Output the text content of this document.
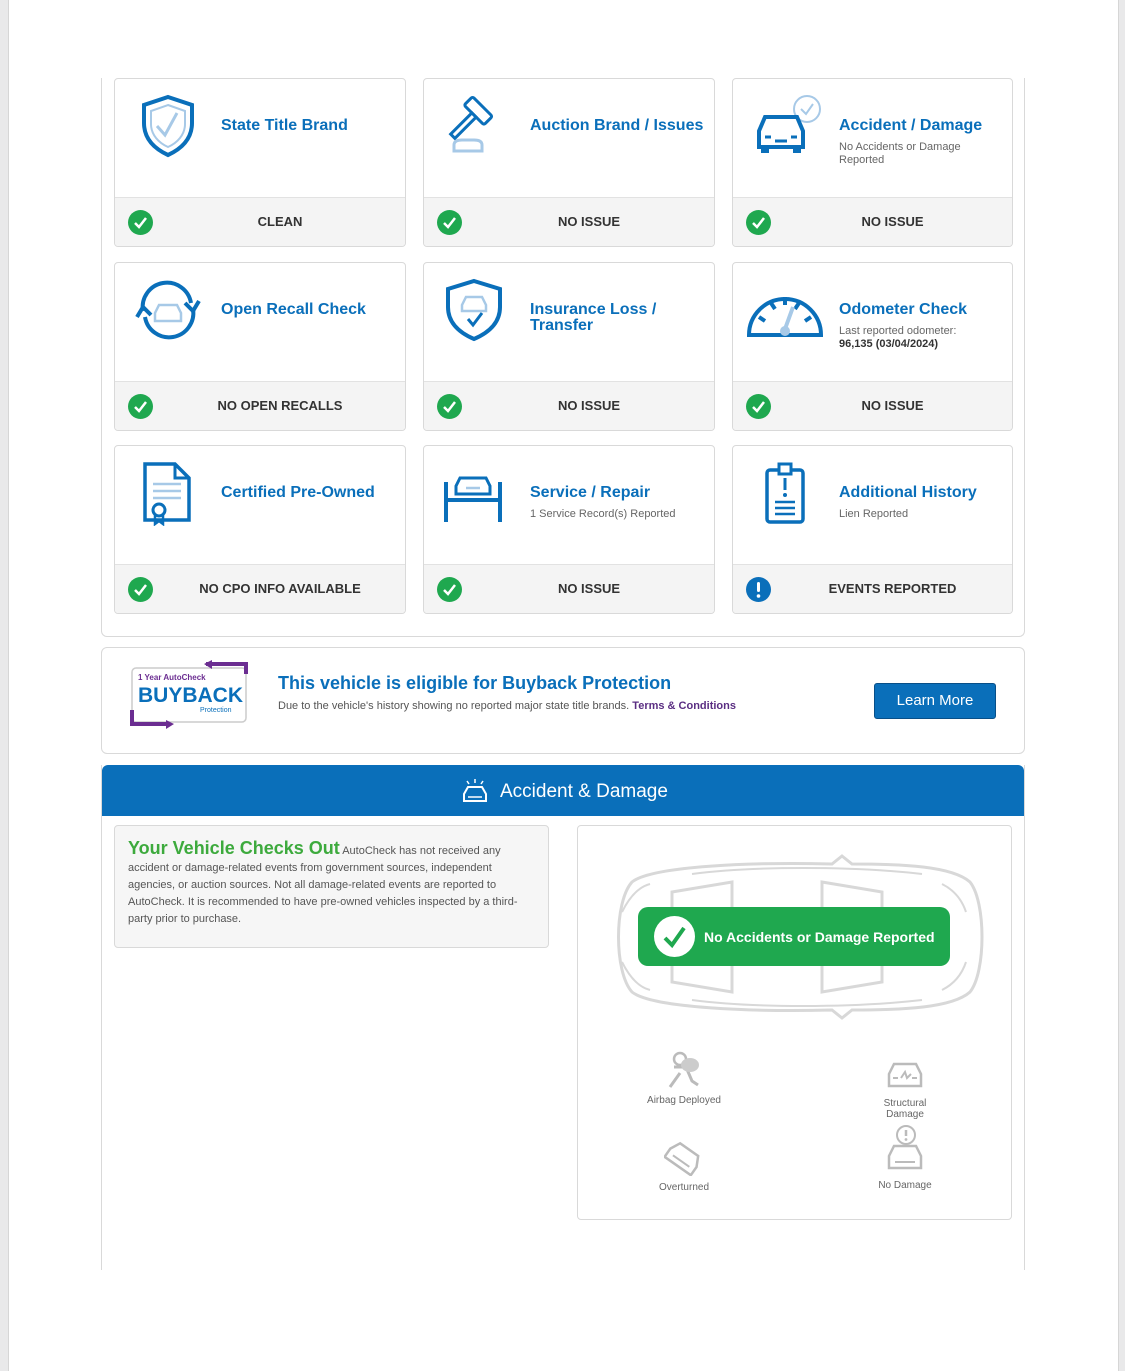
State Title Brand
CLEAN
Auction Brand / Issues
NO ISSUE
Accident / Damage
No Accidents or Damage Reported
NO ISSUE
Open Recall Check
NO OPEN RECALLS
Insurance Loss / Transfer
NO ISSUE
Odometer Check
Last reported odometer:
96,135 (03/04/2024)
NO ISSUE
Certified Pre-Owned
NO CPO INFO AVAILABLE
Service / Repair
1 Service Record(s) Reported
NO ISSUE
Additional History
Lien Reported
EVENTS REPORTED
1 Year AutoCheck
BUYBACK
Protection
This vehicle is eligible for Buyback Protection
Due to the vehicle's history showing no reported major state title brands. Terms & Conditions	Learn More
Accident & Damage

Your Vehicle Checks Out AutoCheck has not received any accident or damage-related events from government sources, independent agencies, or auction sources. Not all damage-related events are reported to AutoCheck. It is recommended to have pre-owned vehicles inspected by a third-party prior to purchase.

No Accidents or Damage Reported
Airbag Deployed	Structural Damage
Overturned	No Damage
